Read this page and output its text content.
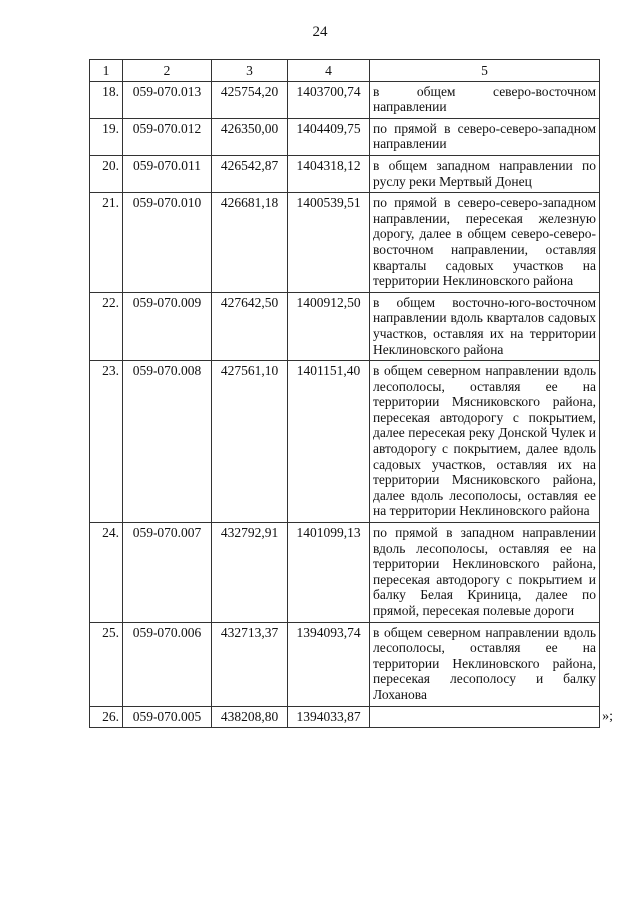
24
1	2	3	4	5
18.	059-070.013	425754,20	1403700,74	в общем северо-восточном направлении
19.	059-070.012	426350,00	1404409,75	по прямой в северо-северо-западном направлении
20.	059-070.011	426542,87	1404318,12	в общем западном направлении по руслу реки Мертвый Донец
21.	059-070.010	426681,18	1400539,51	по прямой в северо-северо-западном направлении, пересекая железную дорогу, далее в общем северо-северо-восточном направлении, оставляя кварталы садовых участков на территории Неклиновского района
22.	059-070.009	427642,50	1400912,50	в общем восточно-юго-восточном направлении вдоль кварталов садовых участков, оставляя их на территории Неклиновского района
23.	059-070.008	427561,10	1401151,40	в общем северном направлении вдоль лесополосы, оставляя ее на территории Мясниковского района, пересекая автодорогу с покрытием, далее пересекая реку Донской Чулек и автодорогу с покрытием, далее вдоль садовых участков, оставляя их на территории Мясниковского района, далее вдоль лесополосы, оставляя ее на территории Неклиновского района
24.	059-070.007	432792,91	1401099,13	по прямой в западном направлении вдоль лесополосы, оставляя ее на территории Неклиновского района, пересекая автодорогу с покрытием и балку Белая Криница, далее по прямой, пересекая полевые дороги
25.	059-070.006	432713,37	1394093,74	в общем северном направлении вдоль лесополосы, оставляя ее на территории Неклиновского района, пересекая лесополосу и балку Лоханова
26.	059-070.005	438208,80	1394033,87		»;
